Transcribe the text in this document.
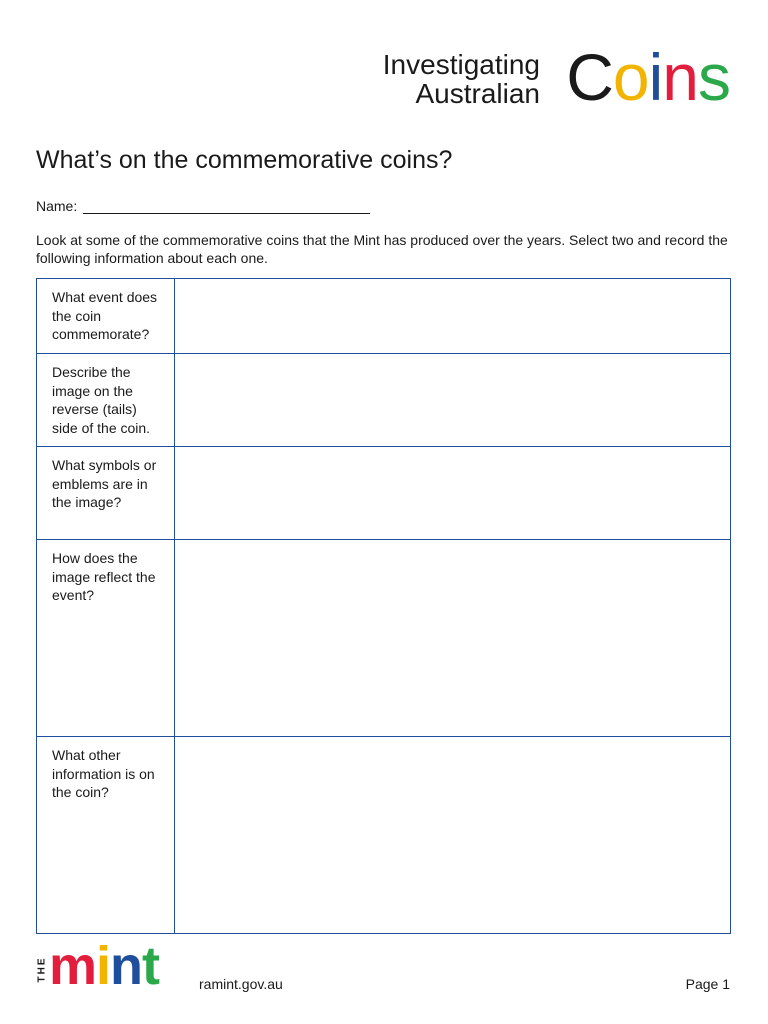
Investigating
Australian Coins
What’s on the commemorative coins?
Name:

Look at some of the commemorative coins that the Mint has produced over the years. Select two and record the following information about each one.

What event does the coin commemorate?	
Describe the image on the reverse (tails) side of the coin.	
What symbols or emblems are in the image?	
How does the image reflect the event?	
What other information is on the coin?	
THE mint	ramint.gov.au	Page 1
